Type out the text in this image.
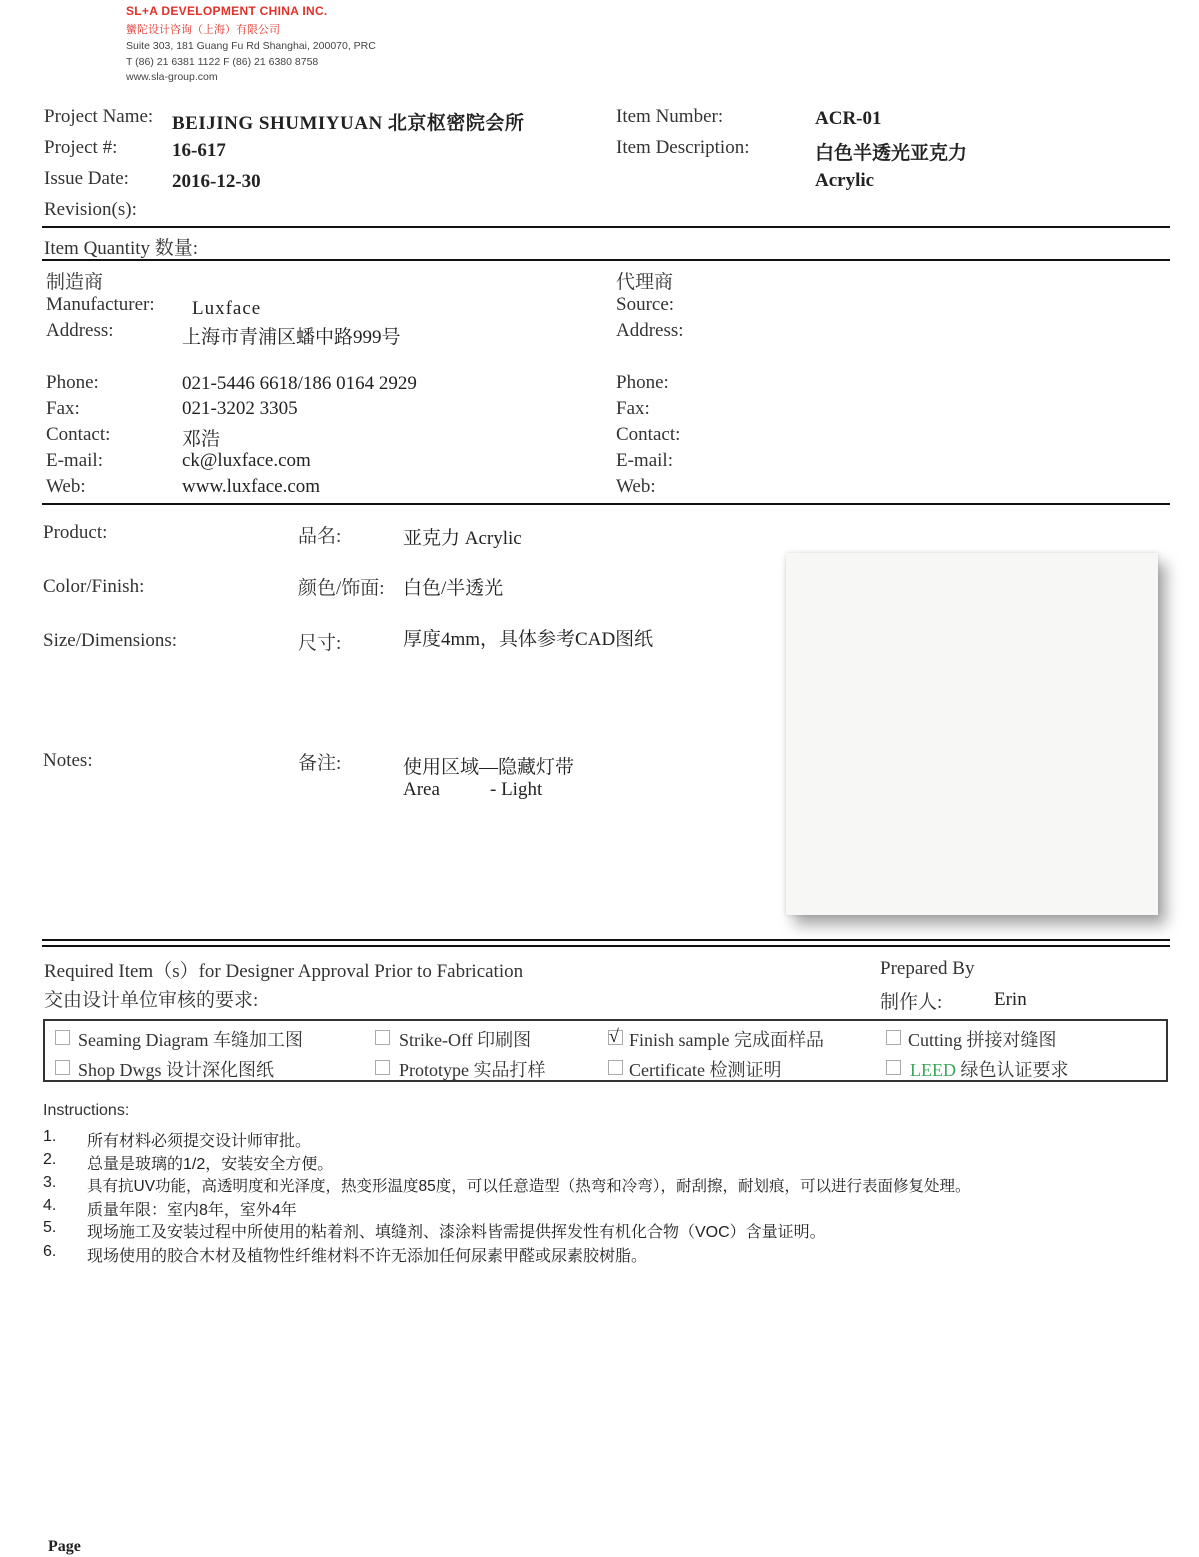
SL+A DEVELOPMENT CHINA INC.
蠻陀设计咨询（上海）有限公司
Suite 303, 181 Guang Fu Rd Shanghai, 200070, PRC
T (86) 21 6381 1122 F (86) 21 6380 8758
www.sla-group.com
Project Name: BEIJING SHUMIYUAN 北京枢密院会所
Project #:	16-617
Issue Date: 2016-12-30
Revision(s):
Item Number:	ACR-01
Item Description:	白色半透光亚克力
Acrylic
Item Quantity 数量:
制造商
Manufacturer: Luxface
Address:	上海市青浦区蟠中路999号
Phone:	021-5446 6618/186 0164 2929
Fax:	021-3202 3305
Contact:	邓浩
E-mail:	ck@luxface.com
Web:	www.luxface.com
代理商
Source:
Address:
Phone:
Fax:
Contact:
E-mail:
Web:
Product:	品名:	亚克力 Acrylic
Color/Finish:	颜色/饰面: 白色/半透光
Size/Dimensions:	尺寸:	厚度4mm，具体参考CAD图纸
Notes:	备注:	使用区域—隐藏灯带
Area	- Light
Required Item（s）for Designer Approval Prior to Fabrication
交由设计单位审核的要求:
Prepared By
制作人:	Erin
Seaming Diagram 车缝加工图	Strike-Off 印刷图	√ Finish sample 完成面样品	Cutting 拼接对缝图
Shop Dwgs 设计深化图纸	Prototype 实品打样	Certificate 检测证明	LEED 绿色认证要求
Instructions:
1. 所有材料必须提交设计师审批。
2. 总量是玻璃的1/2，安装安全方便。
3. 具有抗UV功能，高透明度和光泽度，热变形温度85度，可以任意造型（热弯和冷弯），耐刮擦，耐划痕，可以进行表面修复处理。
4. 质量年限：室内8年，室外4年
5. 现场施工及安装过程中所使用的粘着剂、填缝剂、漆涂料皆需提供挥发性有机化合物（VOC）含量证明。
6. 现场使用的胶合木材及植物性纤维材料不许无添加任何尿素甲醛或尿素胶树脂。
Page
